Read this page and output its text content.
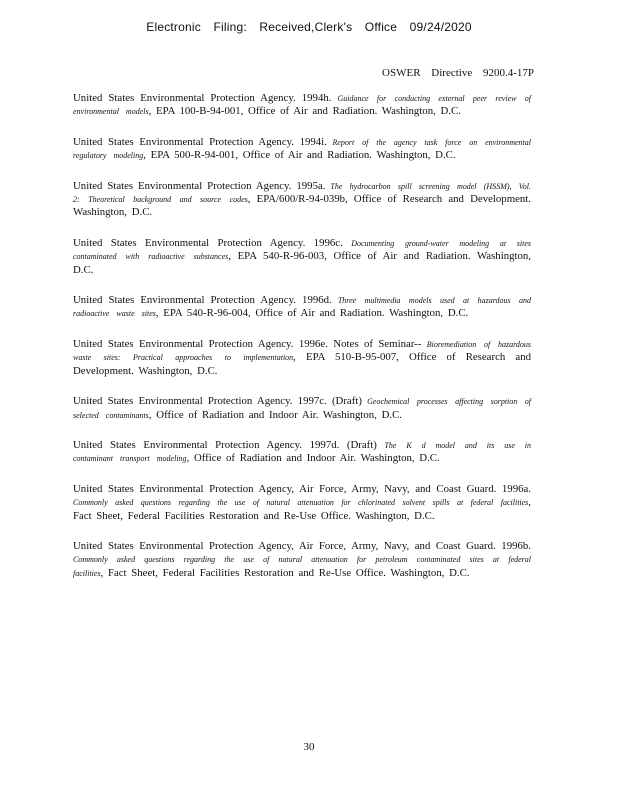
Electronic Filing: Received,Clerk's Office 09/24/2020
OSWER Directive 9200.4-17P

United States Environmental Protection Agency. 1994h. Guidance for conducting external peer review of environmental models, EPA 100-B-94-001, Office of Air and Radiation. Washington, D.C.

United States Environmental Protection Agency. 1994i. Report of the agency task force on environmental regulatory modeling, EPA 500-R-94-001, Office of Air and Radiation. Washington, D.C.

United States Environmental Protection Agency. 1995a. The hydrocarbon spill screening model (HSSM), Vol. 2: Theoretical background and source codes, EPA/600/R-94-039b, Office of Research and Development. Washington, D.C.

United States Environmental Protection Agency. 1996c. Documenting ground-water modeling at sites contaminated with radioactive substances, EPA 540-R-96-003, Office of Air and Radiation. Washington, D.C.

United States Environmental Protection Agency. 1996d. Three multimedia models used at hazardous and radioactive waste sites, EPA 540-R-96-004, Office of Air and Radiation. Washington, D.C.

United States Environmental Protection Agency. 1996e. Notes of Seminar-- Bioremediation of hazardous waste sites: Practical approaches to implementation, EPA 510-B-95-007, Office of Research and Development. Washington, D.C.

United States Environmental Protection Agency. 1997c. (Draft) Geochemical processes affecting sorption of selected contaminants, Office of Radiation and Indoor Air. Washington, D.C.

United States Environmental Protection Agency. 1997d. (Draft) The K d model and its use in contaminant transport modeling, Office of Radiation and Indoor Air. Washington, D.C.

United States Environmental Protection Agency, Air Force, Army, Navy, and Coast Guard. 1996a. Commonly asked questions regarding the use of natural attenuation for chlorinated solvent spills at federal facilities, Fact Sheet, Federal Facilities Restoration and Re-Use Office. Washington, D.C.

United States Environmental Protection Agency, Air Force, Army, Navy, and Coast Guard. 1996b. Commonly asked questions regarding the use of natural attenuation for petroleum contaminated sites at federal facilities, Fact Sheet, Federal Facilities Restoration and Re-Use Office. Washington, D.C.

30
